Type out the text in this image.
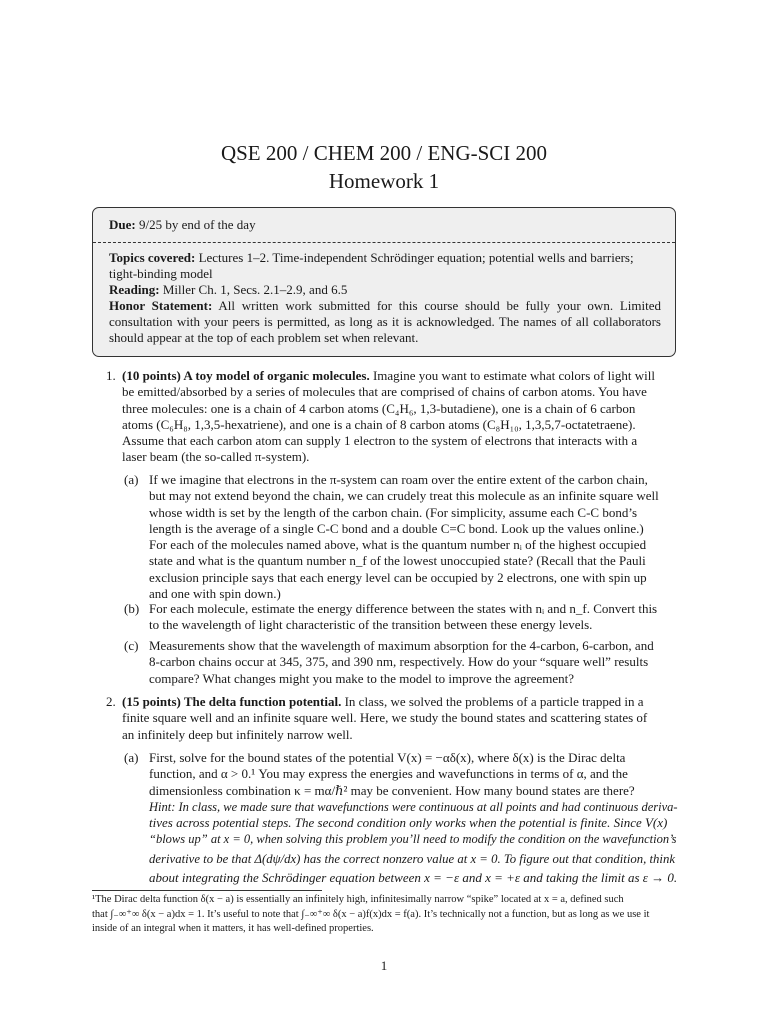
QSE 200 / CHEM 200 / ENG-SCI 200
Homework 1
Due: 9/25 by end of the day

Topics covered: Lectures 1–2. Time-independent Schrödinger equation; potential wells and barriers; tight-binding model

Reading: Miller Ch. 1, Secs. 2.1–2.9, and 6.5

Honor Statement: All written work submitted for this course should be fully your own. Limited consultation with your peers is permitted, as long as it is acknowledged. The names of all collaborators should appear at the top of each problem set when relevant.

1. (10 points) A toy model of organic molecules. Imagine you want to estimate what colors of light will
be emitted/absorbed by a series of molecules that are comprised of chains of carbon atoms. You have
three molecules: one is a chain of 4 carbon atoms (C₄H₆, 1,3-butadiene), one is a chain of 6 carbon
atoms (C₆H₈, 1,3,5-hexatriene), and one is a chain of 8 carbon atoms (C₈H₁₀, 1,3,5,7-octatetraene).
Assume that each carbon atom can supply 1 electron to the system of electrons that interacts with a
laser beam (the so-called π-system).
(a) If we imagine that electrons in the π-system can roam over the entire extent of the carbon chain,
but may not extend beyond the chain, we can crudely treat this molecule as an infinite square well
whose width is set by the length of the carbon chain. (For simplicity, assume each C-C bond’s
length is the average of a single C-C bond and a double C=C bond. Look up the values online.)
For each of the molecules named above, what is the quantum number nᵢ of the highest occupied
state and what is the quantum number n_f of the lowest unoccupied state? (Recall that the Pauli
exclusion principle says that each energy level can be occupied by 2 electrons, one with spin up
and one with spin down.)
(b) For each molecule, estimate the energy difference between the states with nᵢ and n_f. Convert this
to the wavelength of light characteristic of the transition between these energy levels.
(c) Measurements show that the wavelength of maximum absorption for the 4-carbon, 6-carbon, and
8-carbon chains occur at 345, 375, and 390 nm, respectively. How do your “square well” results
compare? What changes might you make to the model to improve the agreement?
2. (15 points) The delta function potential. In class, we solved the problems of a particle trapped in a
finite square well and an infinite square well. Here, we study the bound states and scattering states of
an infinitely deep but infinitely narrow well.
(a) First, solve for the bound states of the potential V(x) = −αδ(x), where δ(x) is the Dirac delta
function, and α > 0.¹ You may express the energies and wavefunctions in terms of α, and the
dimensionless combination κ = mα/ℏ² may be convenient. How many bound states are there?
Hint: In class, we made sure that wavefunctions were continuous at all points and had continuous deriva-
tives across potential steps. The second condition only works when the potential is finite. Since V(x)
“blows up” at x = 0, when solving this problem you’ll need to modify the condition on the wavefunction’s
derivative to be that Δ(dψ/dx) has the correct nonzero value at x = 0. To figure out that condition, think
about integrating the Schrödinger equation between x = −ε and x = +ε and taking the limit as ε → 0.
¹The Dirac delta function δ(x − a) is essentially an infinitely high, infinitesimally narrow “spike” located at x = a, defined such
that ∫₋∞⁺∞ δ(x − a)dx = 1. It’s useful to note that ∫₋∞⁺∞ δ(x − a)f(x)dx = f(a). It’s technically not a function, but as long as we use it
inside of an integral when it matters, it has well-defined properties.
1
